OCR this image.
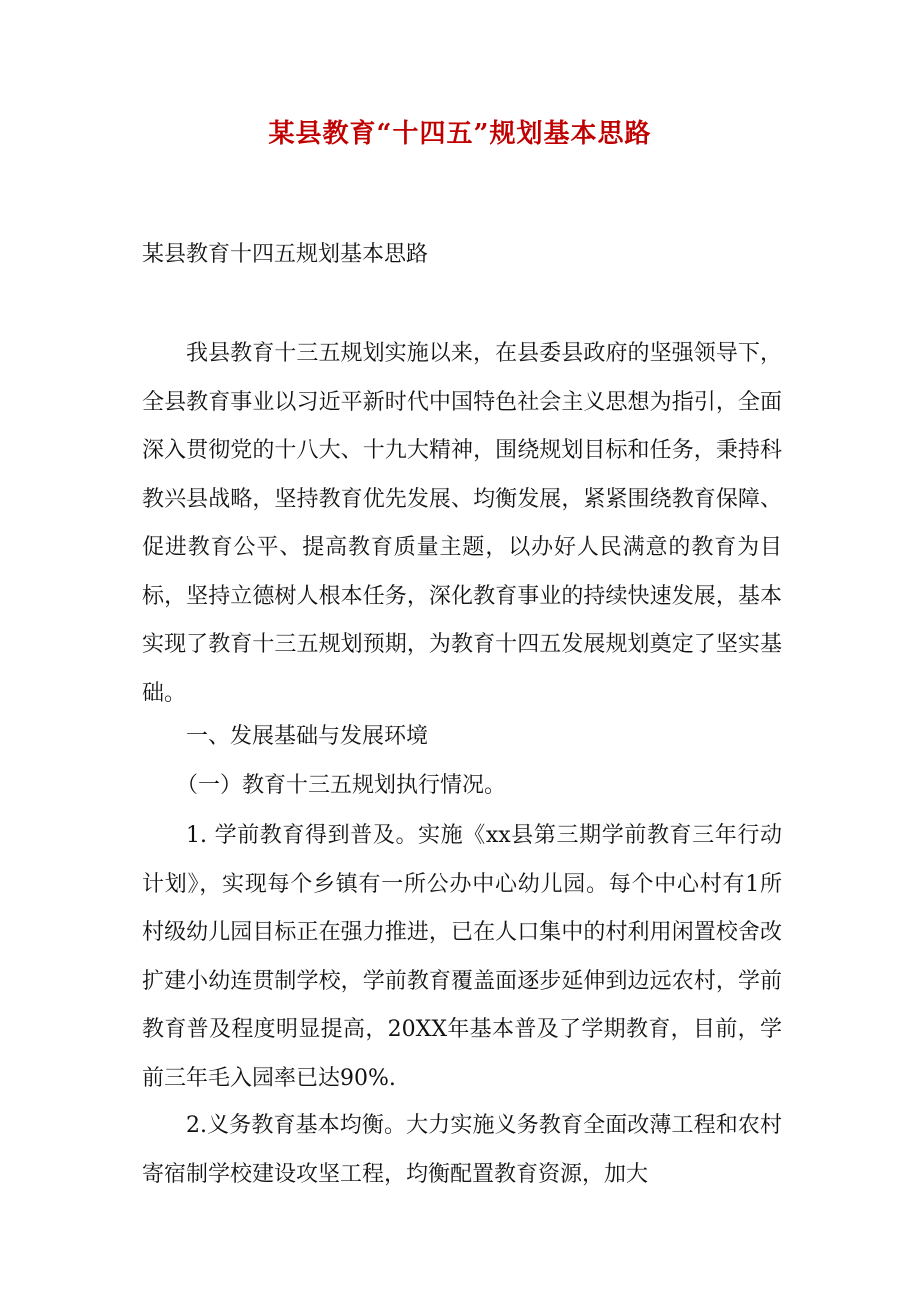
某县教育“十四五”规划基本思路
某县教育十四五规划基本思路
我县教育十三五规划实施以来，在县委县政府的坚强领导下，全县教育事业以习近平新时代中国特色社会主义思想为指引，全面深入贯彻党的十八大、十九大精神，围绕规划目标和任务，秉持科教兴县战略，坚持教育优先发展、均衡发展，紧紧围绕教育保障、促进教育公平、提高教育质量主题，以办好人民满意的教育为目标，坚持立德树人根本任务，深化教育事业的持续快速发展，基本实现了教育十三五规划预期，为教育十四五发展规划奠定了坚实基础。
一、发展基础与发展环境
（一）教育十三五规划执行情况。
1. 学前教育得到普及。实施《xx县第三期学前教育三年行动计划》，实现每个乡镇有一所公办中心幼儿园。每个中心村有1所村级幼儿园目标正在强力推进，已在人口集中的村利用闲置校舍改扩建小幼连贯制学校，学前教育覆盖面逐步延伸到边远农村，学前教育普及程度明显提高，20XX年基本普及了学期教育，目前，学前三年毛入园率已达90%.
2.义务教育基本均衡。大力实施义务教育全面改薄工程和农村寄宿制学校建设攻坚工程，均衡配置教育资源，加大
